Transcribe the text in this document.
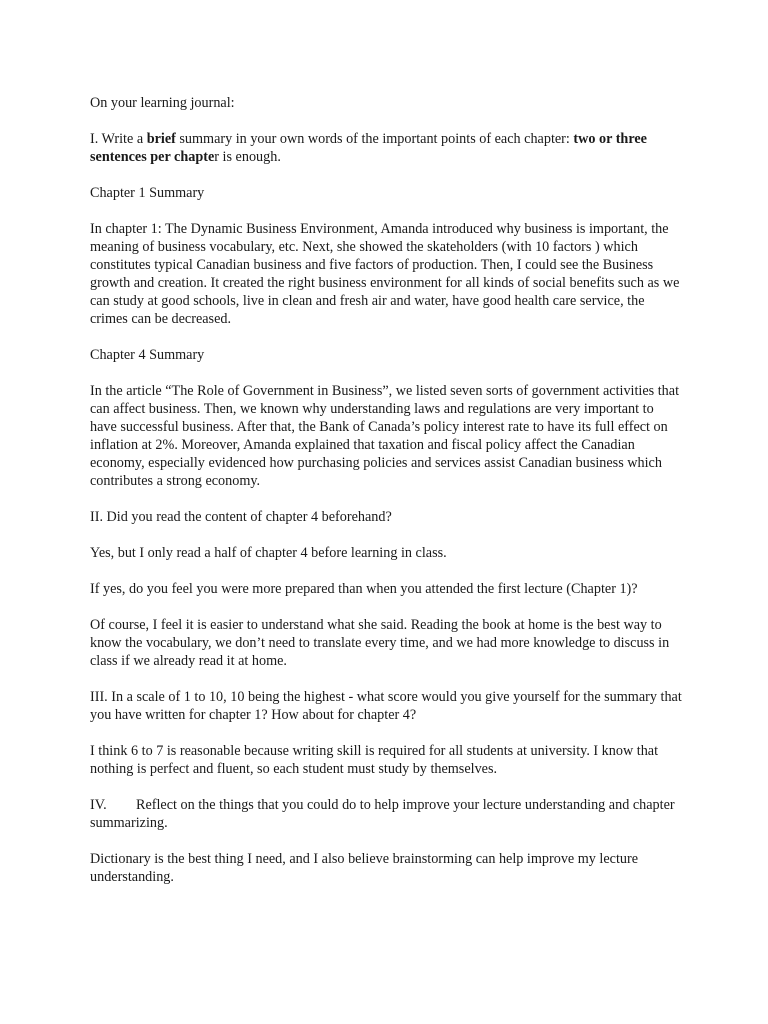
On your learning journal:

I. Write a brief summary in your own words of the important points of each chapter: two or three sentences per chapter is enough.

Chapter 1 Summary

In chapter 1: The Dynamic Business Environment, Amanda introduced why business is important, the meaning of business vocabulary, etc. Next, she showed the skateholders (with 10 factors ) which constitutes typical Canadian business and five factors of production. Then, I could see the Business growth and creation. It created the right business environment for all kinds of social benefits such as we can study at good schools, live in clean and fresh air and water, have good health care service, the crimes can be decreased.

Chapter 4 Summary

In the article “The Role of Government in Business”, we listed seven sorts of government activities that can affect business. Then, we known why understanding laws and regulations are very important to have successful business. After that, the Bank of Canada’s policy interest rate to have its full effect on inflation at 2%. Moreover, Amanda explained that taxation and fiscal policy affect the Canadian economy, especially evidenced how purchasing policies and services assist Canadian business which contributes a strong economy.

II. Did you read the content of chapter 4 beforehand?

Yes, but I only read a half of chapter 4 before learning in class.

If yes, do you feel you were more prepared than when you attended the first lecture (Chapter 1)?

Of course, I feel it is easier to understand what she said. Reading the book at home is the best way to know the vocabulary, we don’t need to translate every time, and we had more knowledge to discuss in class if we already read it at home.

III. In a scale of 1 to 10, 10 being the highest - what score would you give yourself for the summary that you have written for chapter 1? How about for chapter 4?

I think 6 to 7 is reasonable because writing skill is required for all students at university. I know that nothing is perfect and fluent, so each student must study by themselves.

IV. Reflect on the things that you could do to help improve your lecture understanding and chapter summarizing.

Dictionary is the best thing I need, and I also believe brainstorming can help improve my lecture understanding.
